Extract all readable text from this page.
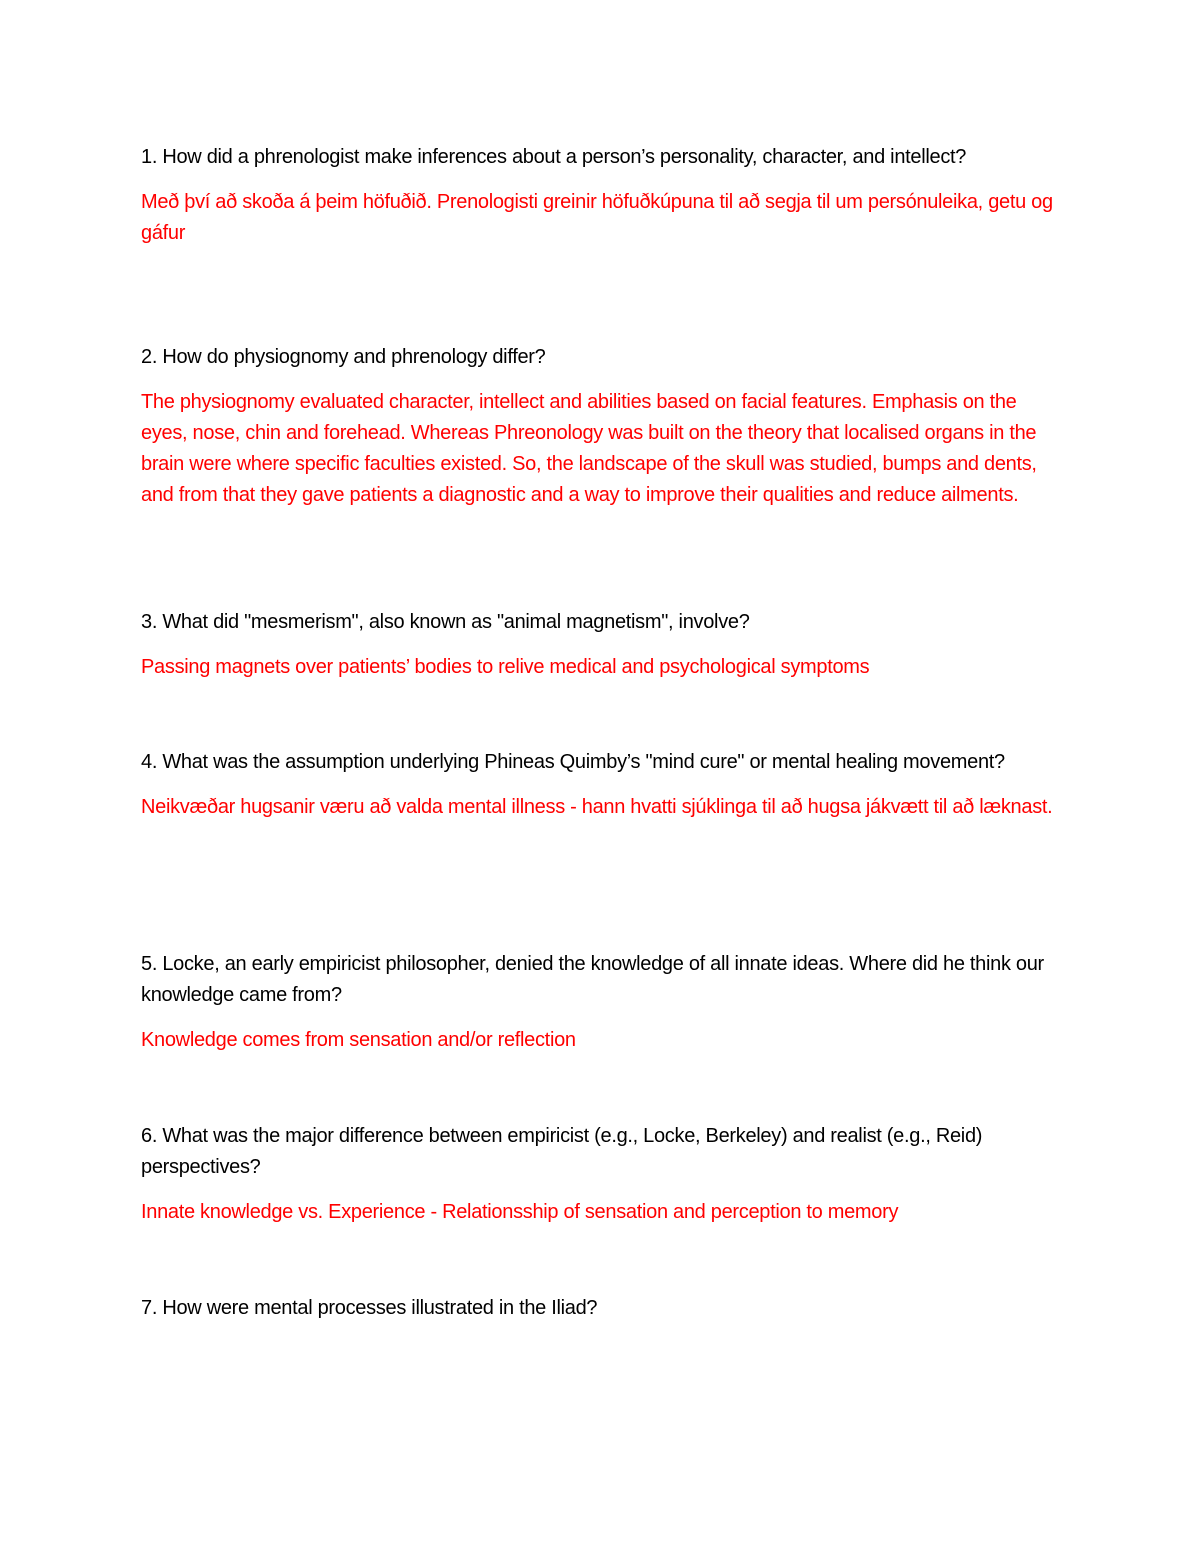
1. How did a phrenologist make inferences about a person’s personality, character, and intellect?

Með því að skoða á þeim höfuðið. Prenologisti greinir höfuðkúpuna til að segja til um persónuleika, getu og gáfur

2. How do physiognomy and phrenology differ?

The physiognomy evaluated character, intellect and abilities based on facial features. Emphasis on the eyes, nose, chin and forehead. Whereas Phreonology was built on the theory that localised organs in the brain were where specific faculties existed. So, the landscape of the skull was studied, bumps and dents, and from that they gave patients a diagnostic and a way to improve their qualities and reduce ailments.

3. What did "mesmerism", also known as "animal magnetism", involve?

Passing magnets over patients’ bodies to relive medical and psychological symptoms

4. What was the assumption underlying Phineas Quimby’s "mind cure" or mental healing movement?

Neikvæðar hugsanir væru að valda mental illness - hann hvatti sjúklinga til að hugsa jákvætt til að læknast.

5. Locke, an early empiricist philosopher, denied the knowledge of all innate ideas. Where did he think our knowledge came from?

Knowledge comes from sensation and/or reflection

6. What was the major difference between empiricist (e.g., Locke, Berkeley) and realist (e.g., Reid) perspectives?

Innate knowledge vs. Experience - Relationsship of sensation and perception to memory

7. How were mental processes illustrated in the Iliad?
